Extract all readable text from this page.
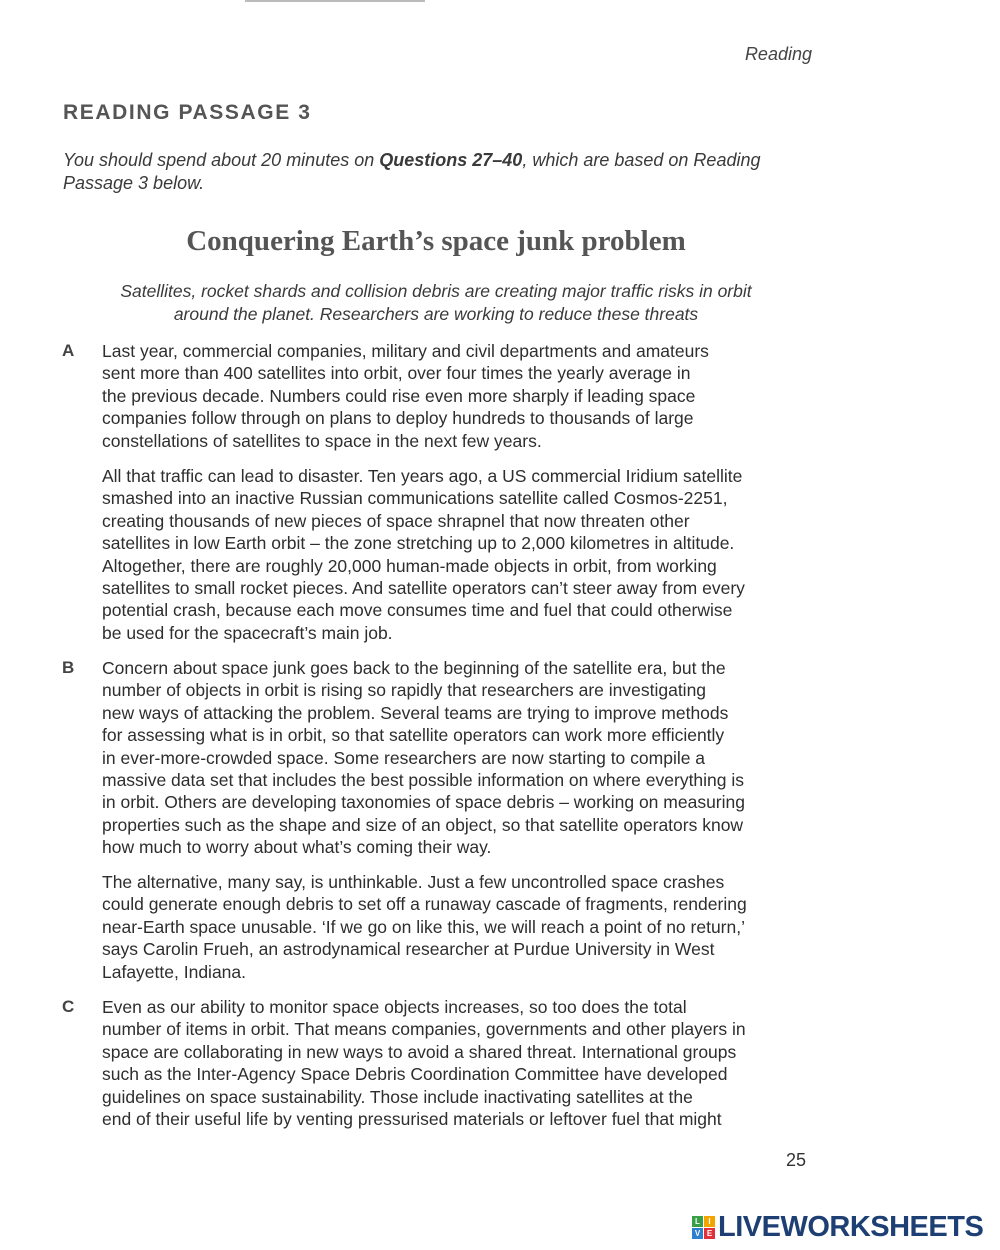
Reading
READING PASSAGE 3
You should spend about 20 minutes on Questions 27–40, which are based on Reading
Passage 3 below.
Conquering Earth’s space junk problem
Satellites, rocket shards and collision debris are creating major traffic risks in orbit
around the planet. Researchers are working to reduce these threats
A Last year, commercial companies, military and civil departments and amateurs
sent more than 400 satellites into orbit, over four times the yearly average in
the previous decade. Numbers could rise even more sharply if leading space
companies follow through on plans to deploy hundreds to thousands of large
constellations of satellites to space in the next few years.
All that traffic can lead to disaster. Ten years ago, a US commercial Iridium satellite
smashed into an inactive Russian communications satellite called Cosmos-2251,
creating thousands of new pieces of space shrapnel that now threaten other
satellites in low Earth orbit – the zone stretching up to 2,000 kilometres in altitude.
Altogether, there are roughly 20,000 human-made objects in orbit, from working
satellites to small rocket pieces. And satellite operators can’t steer away from every
potential crash, because each move consumes time and fuel that could otherwise
be used for the spacecraft’s main job.
B Concern about space junk goes back to the beginning of the satellite era, but the
number of objects in orbit is rising so rapidly that researchers are investigating
new ways of attacking the problem. Several teams are trying to improve methods
for assessing what is in orbit, so that satellite operators can work more efficiently
in ever-more-crowded space. Some researchers are now starting to compile a
massive data set that includes the best possible information on where everything is
in orbit. Others are developing taxonomies of space debris – working on measuring
properties such as the shape and size of an object, so that satellite operators know
how much to worry about what’s coming their way.
The alternative, many say, is unthinkable. Just a few uncontrolled space crashes
could generate enough debris to set off a runaway cascade of fragments, rendering
near-Earth space unusable. ‘If we go on like this, we will reach a point of no return,’
says Carolin Frueh, an astrodynamical researcher at Purdue University in West
Lafayette, Indiana.
C Even as our ability to monitor space objects increases, so too does the total
number of items in orbit. That means companies, governments and other players in
space are collaborating in new ways to avoid a shared threat. International groups
such as the Inter-Agency Space Debris Coordination Committee have developed
guidelines on space sustainability. Those include inactivating satellites at the
end of their useful life by venting pressurised materials or leftover fuel that might
25
L	I
V E LIVEWORKSHEETS
